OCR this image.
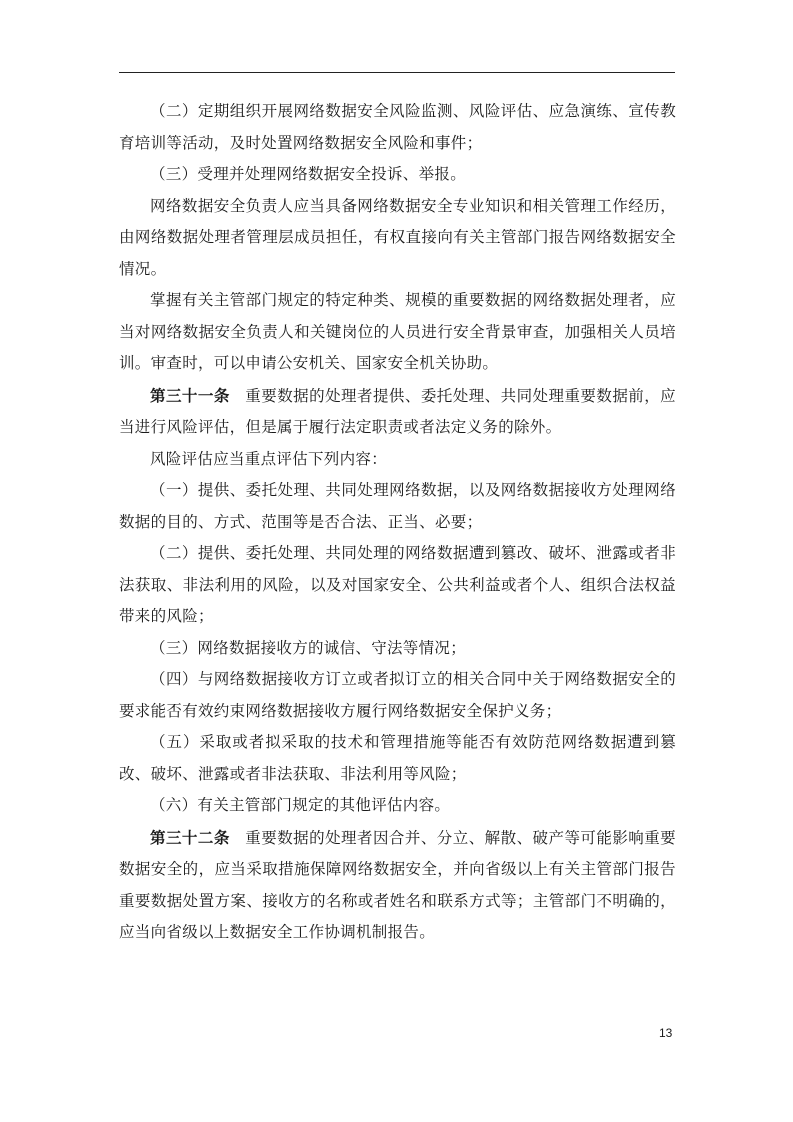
（二）定期组织开展网络数据安全风险监测、风险评估、应急演练、宣传教育培训等活动，及时处置网络数据安全风险和事件；

（三）受理并处理网络数据安全投诉、举报。

网络数据安全负责人应当具备网络数据安全专业知识和相关管理工作经历，由网络数据处理者管理层成员担任，有权直接向有关主管部门报告网络数据安全情况。

掌握有关主管部门规定的特定种类、规模的重要数据的网络数据处理者，应当对网络数据安全负责人和关键岗位的人员进行安全背景审查，加强相关人员培训。审查时，可以申请公安机关、国家安全机关协助。

第三十一条 重要数据的处理者提供、委托处理、共同处理重要数据前，应当进行风险评估，但是属于履行法定职责或者法定义务的除外。

风险评估应当重点评估下列内容：

（一）提供、委托处理、共同处理网络数据，以及网络数据接收方处理网络数据的目的、方式、范围等是否合法、正当、必要；

（二）提供、委托处理、共同处理的网络数据遭到篡改、破坏、泄露或者非法获取、非法利用的风险，以及对国家安全、公共利益或者个人、组织合法权益带来的风险；

（三）网络数据接收方的诚信、守法等情况；

（四）与网络数据接收方订立或者拟订立的相关合同中关于网络数据安全的要求能否有效约束网络数据接收方履行网络数据安全保护义务；

（五）采取或者拟采取的技术和管理措施等能否有效防范网络数据遭到篡改、破坏、泄露或者非法获取、非法利用等风险；

（六）有关主管部门规定的其他评估内容。

第三十二条 重要数据的处理者因合并、分立、解散、破产等可能影响重要数据安全的，应当采取措施保障网络数据安全，并向省级以上有关主管部门报告重要数据处置方案、接收方的名称或者姓名和联系方式等；主管部门不明确的，应当向省级以上数据安全工作协调机制报告。

13
